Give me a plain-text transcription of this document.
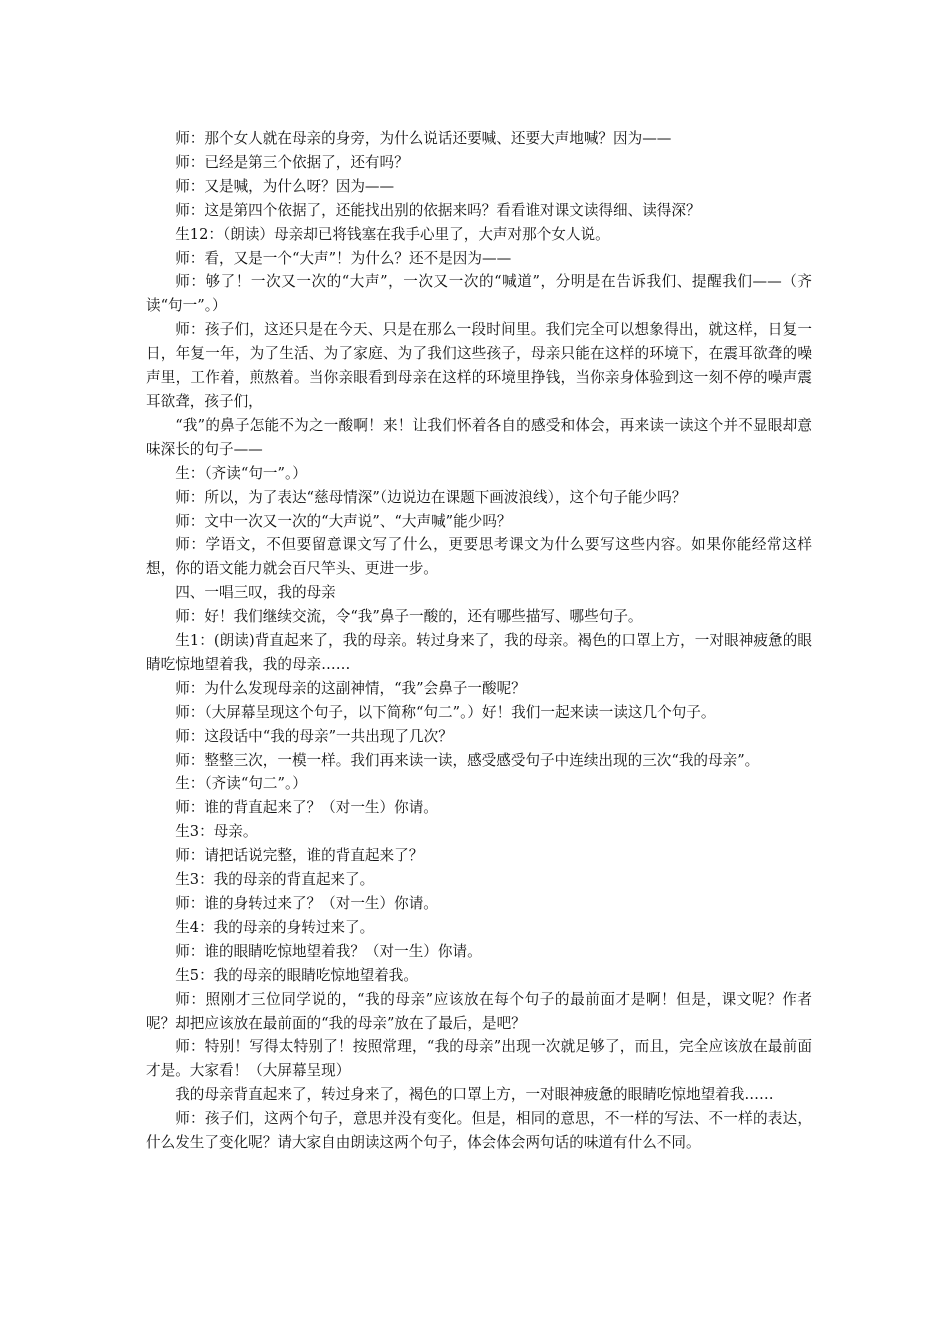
师：那个女人就在母亲的身旁，为什么说话还要喊、还要大声地喊？因为——

师：已经是第三个依据了，还有吗？

师：又是喊，为什么呀？因为——

师：这是第四个依据了，还能找出别的依据来吗？看看谁对课文读得细、读得深？

生12：（朗读）母亲却已将钱塞在我手心里了，大声对那个女人说。

师：看，又是一个“大声”！为什么？还不是因为——

师：够了！一次又一次的“大声”，一次又一次的“喊道”，分明是在告诉我们、提醒我们——（齐读“句一”。）

师：孩子们，这还只是在今天、只是在那么一段时间里。我们完全可以想象得出，就这样，日复一日，年复一年，为了生活、为了家庭、为了我们这些孩子，母亲只能在这样的环境下，在震耳欲聋的噪声里，工作着，煎熬着。当你亲眼看到母亲在这样的环境里挣钱，当你亲身体验到这一刻不停的噪声震耳欲聋，孩子们，

“我”的鼻子怎能不为之一酸啊！来！让我们怀着各自的感受和体会，再来读一读这个并不显眼却意味深长的句子——

生：（齐读“句一”。）

师：所以，为了表达“慈母情深”（边说边在课题下画波浪线），这个句子能少吗？

师：文中一次又一次的“大声说”、“大声喊”能少吗？

师：学语文，不但要留意课文写了什么，更要思考课文为什么要写这些内容。如果你能经常这样想，你的语文能力就会百尺竿头、更进一步。

四、一唱三叹，我的母亲

师：好！我们继续交流，令“我”鼻子一酸的，还有哪些描写、哪些句子。

生1：(朗读)背直起来了，我的母亲。转过身来了，我的母亲。褐色的口罩上方，一对眼神疲惫的眼睛吃惊地望着我，我的母亲……

师：为什么发现母亲的这副神情，“我”会鼻子一酸呢？

师：（大屏幕呈现这个句子，以下简称“句二”。）好！我们一起来读一读这几个句子。

师：这段话中“我的母亲”一共出现了几次？

师：整整三次，一模一样。我们再来读一读，感受感受句子中连续出现的三次“我的母亲”。

生：（齐读“句二”。）

师：谁的背直起来了？（对一生）你请。

生3：母亲。

师：请把话说完整，谁的背直起来了？

生3：我的母亲的背直起来了。

师：谁的身转过来了？（对一生）你请。

生4：我的母亲的身转过来了。

师：谁的眼睛吃惊地望着我？（对一生）你请。

生5：我的母亲的眼睛吃惊地望着我。

师：照刚才三位同学说的，“我的母亲”应该放在每个句子的最前面才是啊！但是，课文呢？作者呢？却把应该放在最前面的“我的母亲”放在了最后，是吧？

师：特别！写得太特别了！按照常理，“我的母亲”出现一次就足够了，而且，完全应该放在最前面才是。大家看！（大屏幕呈现）

我的母亲背直起来了，转过身来了，褐色的口罩上方，一对眼神疲惫的眼睛吃惊地望着我……

师：孩子们，这两个句子，意思并没有变化。但是，相同的意思，不一样的写法、不一样的表达，什么发生了变化呢？请大家自由朗读这两个句子，体会体会两句话的味道有什么不同。
